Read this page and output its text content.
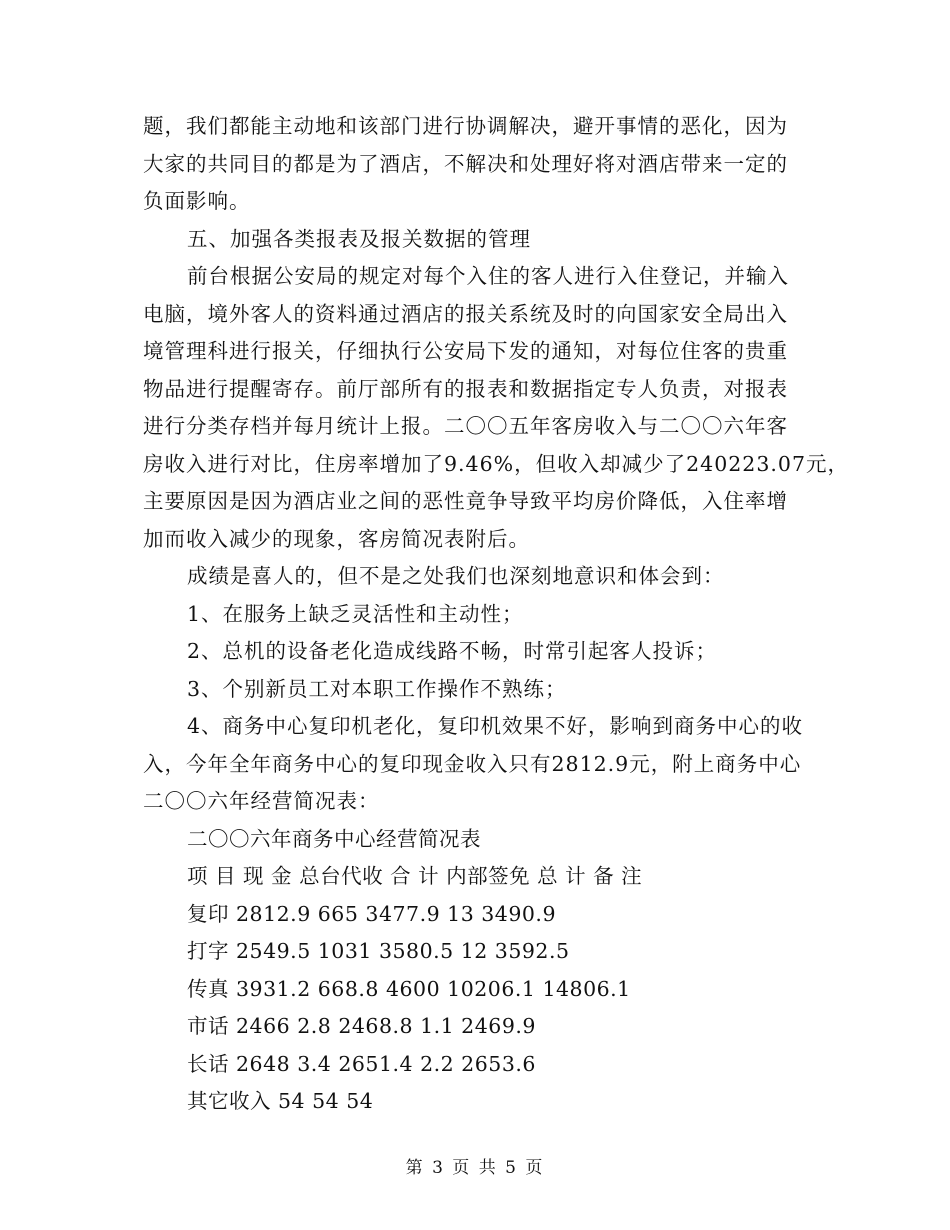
题，我们都能主动地和该部门进行协调解决，避开事情的恶化，因为
大家的共同目的都是为了酒店，不解决和处理好将对酒店带来一定的
负面影响。
五、加强各类报表及报关数据的管理
前台根据公安局的规定对每个入住的客人进行入住登记，并输入
电脑，境外客人的资料通过酒店的报关系统及时的向国家安全局出入
境管理科进行报关，仔细执行公安局下发的通知，对每位住客的贵重
物品进行提醒寄存。前厅部所有的报表和数据指定专人负责，对报表
进行分类存档并每月统计上报。二〇〇五年客房收入与二〇〇六年客
房收入进行对比，住房率增加了9.46%，但收入却减少了240223.07元，
主要原因是因为酒店业之间的恶性竟争导致平均房价降低，入住率增
加而收入减少的现象，客房简况表附后。
成绩是喜人的，但不是之处我们也深刻地意识和体会到：
1、在服务上缺乏灵活性和主动性；
2、总机的设备老化造成线路不畅，时常引起客人投诉；
3、个别新员工对本职工作操作不熟练；
4、商务中心复印机老化，复印机效果不好，影响到商务中心的收
入，今年全年商务中心的复印现金收入只有2812.9元，附上商务中心
二〇〇六年经营简况表：
二〇〇六年商务中心经营简况表
项 目 现 金 总台代收 合 计 内部签免 总 计 备 注
复印 2812.9 665 3477.9 13 3490.9
打字 2549.5 1031 3580.5 12 3592.5
传真 3931.2 668.8 4600 10206.1 14806.1
市话 2466 2.8 2468.8 1.1 2469.9
长话 2648 3.4 2651.4 2.2 2653.6
其它收入 54 54 54
第 3 页 共 5 页
